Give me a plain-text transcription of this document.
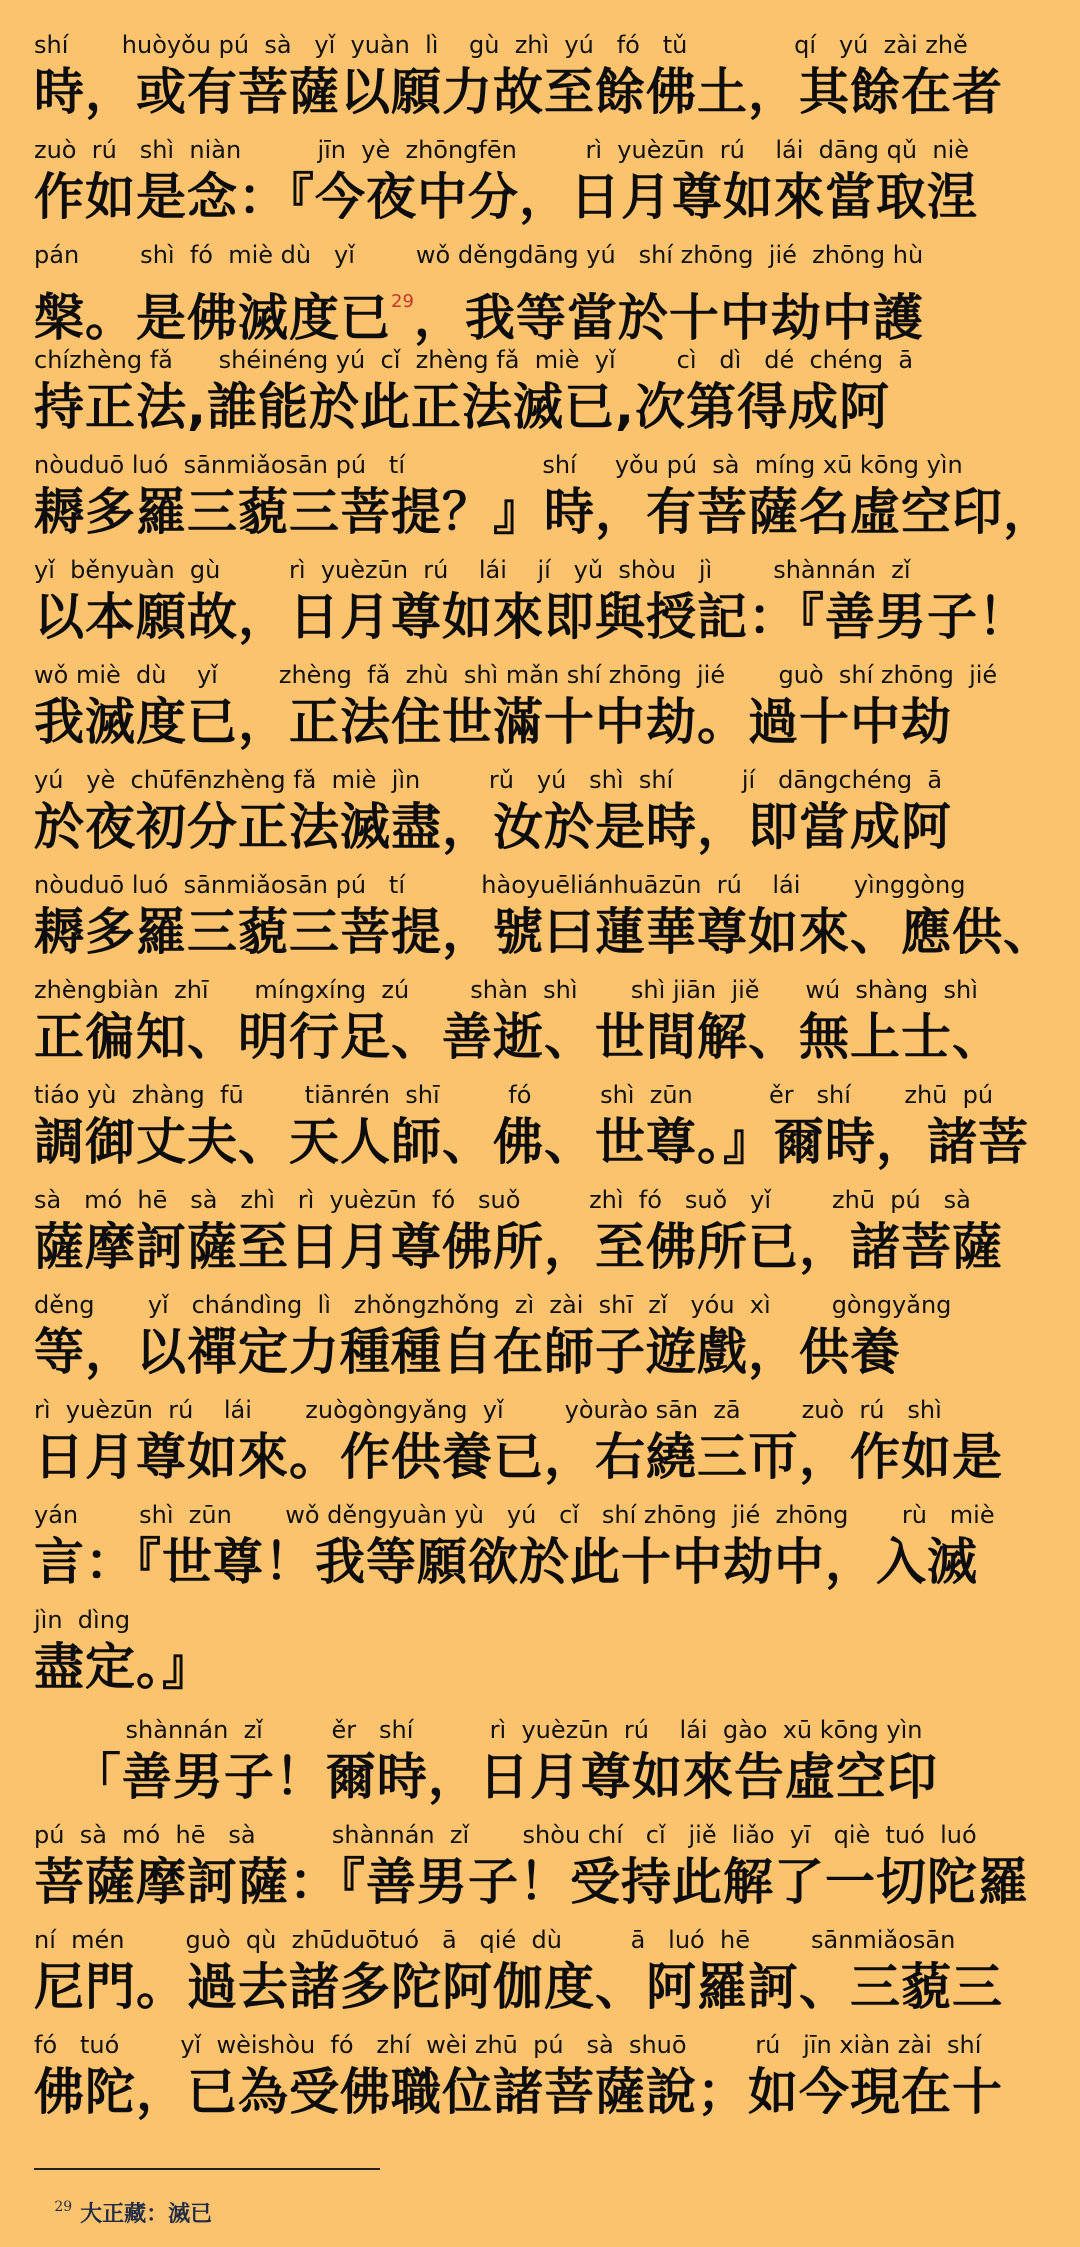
shí       huòyǒu pú  sà   yǐ  yuàn  lì    gù  zhì  yú   fó   tǔ              qí   yú  zài zhě
時，或有菩薩以願力故至餘佛土，其餘在者
zuò  rú   shì  niàn          jīn  yè  zhōngfēn         rì  yuèzūn  rú    lái  dāng qǔ  niè
作如是念：『今夜中分，日月尊如來當取涅
pán        shì  fó  miè dù   yǐ        wǒ děngdāng yú   shí zhōng  jié  zhōng hù
槃。是佛滅度已$^{29}$，我等當於十中劫中護
chízhèng fǎ      shéinéng yú  cǐ  zhèng fǎ  miè  yǐ        cì   dì   dé  chéng  ā
持正法,誰能於此正法滅已,次第得成阿
nòuduō luó  sānmiǎosān pú   tí                  shí     yǒu pú  sà  míng xū kōng yìn
耨多羅三藐三菩提？』時，有菩薩名虛空印，
yǐ  běnyuàn  gù         rì  yuèzūn  rú    lái    jí   yǔ  shòu   jì        shànnán  zǐ
以本願故，日月尊如來即與授記：『善男子！
wǒ miè  dù    yǐ        zhèng  fǎ  zhù  shì mǎn shí zhōng  jié       guò  shí zhōng  jié
我滅度已，正法住世滿十中劫。過十中劫
yú   yè  chūfēnzhèng fǎ  miè  jìn         rǔ   yú   shì  shí         jí   dāngchéng  ā
於夜初分正法滅盡，汝於是時，即當成阿
nòuduō luó  sānmiǎosān pú   tí          hàoyuēliánhuāzūn  rú    lái       yìnggòng
耨多羅三藐三菩提，號曰蓮華尊如來、應供、
zhèngbiàn  zhī      míngxíng  zú        shàn  shì       shì jiān  jiě      wú  shàng  shì
正徧知、明行足、善逝、世間解、無上士、
tiáo yù  zhàng  fū        tiānrén  shī         fó         shì  zūn          ěr   shí       zhū  pú
調御丈夫、天人師、佛、世尊。』爾時，諸菩
sà   mó  hē   sà   zhì   rì  yuèzūn  fó   suǒ         zhì  fó   suǒ   yǐ        zhū  pú   sà
薩摩訶薩至日月尊佛所，至佛所已，諸菩薩
děng       yǐ   chándìng  lì   zhǒngzhǒng  zì  zài  shī  zǐ   yóu  xì        gòngyǎng
等，以禪定力種種自在師子遊戲，供養
rì  yuèzūn  rú    lái       zuògòngyǎng  yǐ        yòurào sān  zā        zuò  rú   shì
日月尊如來。作供養已，右繞三帀，作如是
yán        shì  zūn       wǒ děngyuàn yù   yú   cǐ   shí zhōng  jié  zhōng       rù   miè
言：『世尊！我等願欲於此十中劫中，入滅
jìn  dìng
盡定。』
shànnán  zǐ         ěr   shí          rì  yuèzūn  rú    lái  gào  xū kōng yìn
「善男子！爾時，日月尊如來告虛空印
pú  sà  mó  hē   sà          shànnán  zǐ       shòu chí   cǐ   jiě  liǎo  yī   qiè  tuó  luó
菩薩摩訶薩：『善男子！受持此解了一切陀羅
ní  mén        guò  qù  zhūduōtuó   ā   qié  dù         ā   luó  hē        sānmiǎosān
尼門。過去諸多陀阿伽度、阿羅訶、三藐三
fó   tuó        yǐ  wèishòu  fó   zhí  wèi zhū  pú   sà  shuō         rú   jīn xiàn zài  shí
佛陀，已為受佛職位諸菩薩說；如今現在十

29 大正藏：滅已
